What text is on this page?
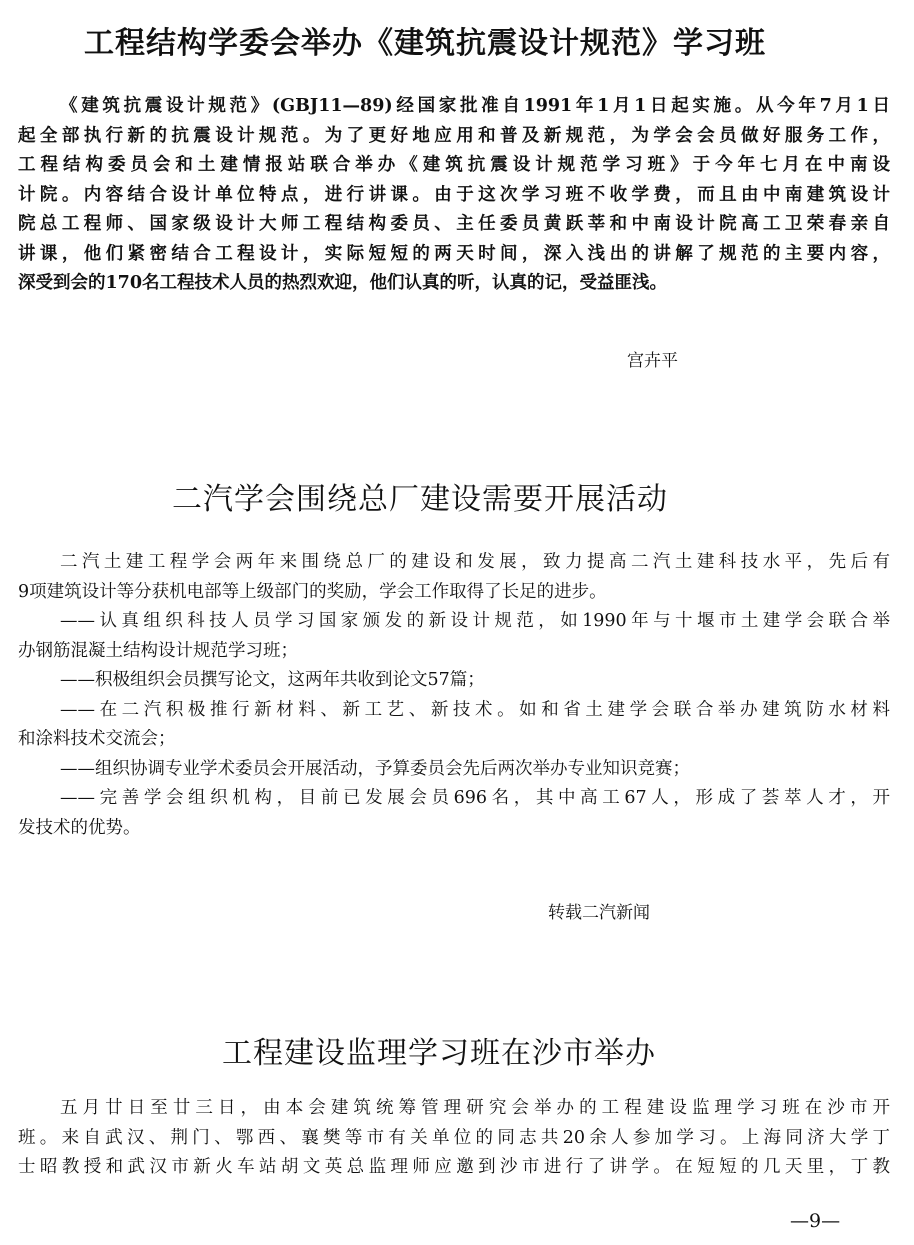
工程结构学委会举办《建筑抗震设计规范》学习班

《建筑抗震设计规范》(GBJ11—89)经国家批准自1991年1月1日起实施。从今年7月1日
起全部执行新的抗震设计规范。为了更好地应用和普及新规范，为学会会员做好服务工作，
工程结构委员会和土建情报站联合举办《建筑抗震设计规范学习班》于今年七月在中南设
计院。内容结合设计单位特点，进行讲课。由于这次学习班不收学费，而且由中南建筑设计
院总工程师、国家级设计大师工程结构委员、主任委员黄跃莘和中南设计院高工卫荣春亲自
讲课，他们紧密结合工程设计，实际短短的两天时间，深入浅出的讲解了规范的主要内容，
深受到会的170名工程技术人员的热烈欢迎，他们认真的听，认真的记，受益匪浅。

宫卉平
二汽学会围绕总厂建设需要开展活动

二汽土建工程学会两年来围绕总厂的建设和发展，致力提高二汽土建科技水平，先后有
9项建筑设计等分获机电部等上级部门的奖励，学会工作取得了长足的进步。
——认真组织科技人员学习国家颁发的新设计规范，如1990年与十堰市土建学会联合举
办钢筋混凝土结构设计规范学习班；
——积极组织会员撰写论文，这两年共收到论文57篇；
——在二汽积极推行新材料、新工艺、新技术。如和省土建学会联合举办建筑防水材料
和涂料技术交流会；
——组织协调专业学术委员会开展活动，予算委员会先后两次举办专业知识竞赛；
——完善学会组织机构，目前已发展会员696名，其中高工67人，形成了荟萃人才，开
发技术的优势。

转载二汽新闻
工程建设监理学习班在沙市举办

五月廿日至廿三日，由本会建筑统筹管理研究会举办的工程建设监理学习班在沙市开
班。来自武汉、荆门、鄂西、襄樊等市有关单位的同志共20余人参加学习。上海同济大学丁
士昭教授和武汉市新火车站胡文英总监理师应邀到沙市进行了讲学。在短短的几天里，丁教

—9—
